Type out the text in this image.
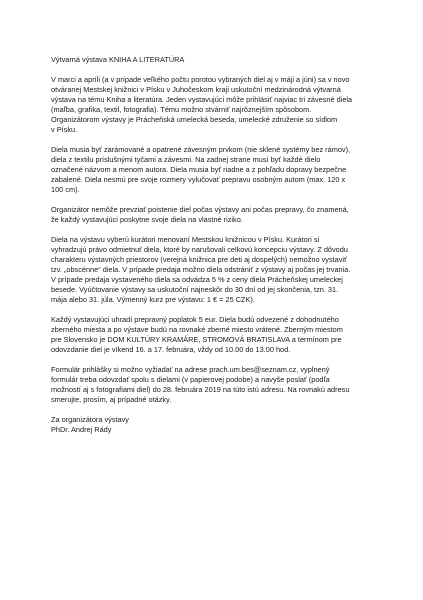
Výtvarná výstava KNIHA A LITERATÚRA
V marci a apríli (a v prípade veľkého počtu porotou vybraných diel aj v máji a júni) sa v novo
otváranej Mestskej knižnici v Písku v Juhočeskom kraji uskutoční medzinárodná výtvarná
výstava na tému Kniha a literatúra. Jeden vystavujúci môže prihlásiť najviac tri závesné diela
(maľba, grafika, textil, fotografia). Tému možno stvárniť najrôznejším spôsobom.
Organizátorom výstavy je Prácheňská umelecká beseda, umelecké združenie so sídlom
v Písku.
Diela musia byť zarámované a opatrené závesným prvkom (nie sklené systémy bez rámov),
diela z textilu príslušnými tyčami a závesmi. Na zadnej strane musí byť každé dielo
označené názvom a menom autora. Diela musia byť riadne a z pohľadu dopravy bezpečne
zabalené. Diela nesmú pre svoje rozmery vylučovať prepravu osobným autom (max. 120 x
100 cm).
Organizátor nemôže prevziať poistenie diel počas výstavy ani počas prepravy, čo znamená,
že každý vystavujúci poskytne svoje diela na vlastné riziko.
Diela na výstavu vyberú kurátori menovaní Mestskou knižnicou v Písku. Kurátori si
vyhradzujú právo odmietnuť diela, ktoré by narušovali celkovú koncepciu výstavy. Z dôvodu
charakteru výstavných priestorov (verejná knižnica pre deti aj dospelých) nemožno vystaviť
tzv. „obscénne“ diela. V prípade predaja možno diela odstrániť z výstavy aj počas jej trvania.
V prípade predaja vystaveného diela sa odvádza 5 % z ceny diela Prácheňskej umeleckej
besede. Vyúčtovanie výstavy sa uskutoční najneskôr do 30 dní od jej skončenia, tzn. 31.
mája alebo 31. júla. Výmenný kurz pre výstavu: 1 € = 25 CZK).
Každý vystavujúci uhradí prepravný poplatok 5 eur. Diela budú odvezené z dohodnutého
zberného miesta a po výstave budú na rovnaké zberné miesto vrátené. Zberným miestom
pre Slovensko je DOM KULTÚRY KRAMÁRE, STROMOVÁ BRATISLAVA a termínom pre
odovzdanie diel je víkend 16. a 17. februára, vždy od 10.00 do 13.00 hod.
Formulár prihlášky si možno vyžiadať na adrese prach.um.bes@seznam.cz, vyplnený
formulár treba odovzdať spolu s dielami (v papierovej podobe) a navyše poslať (podľa
možností aj s fotografiami diel) do 28. februára 2019 na túto istú adresu. Na rovnakú adresu
smerujte, prosím, aj prípadné otázky.
Za organizátora výstavy
PhDr. Andrej Rády
